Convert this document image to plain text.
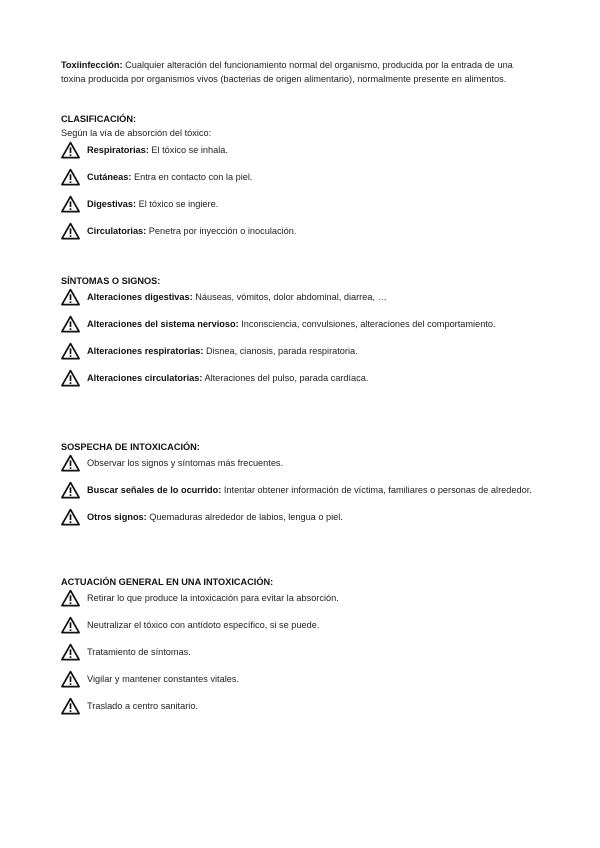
Toxiinfección: Cualquier alteración del funcionamiento normal del organismo, producida por la entrada de una toxina producida por organismos vivos (bacterias de origen alimentario), normalmente presente en alimentos.
CLASIFICACIÓN:
Según la vía de absorción del tóxico:
Respiratorias: El tóxico se inhala.
Cutáneas: Entra en contacto con la piel.
Digestivas: El tóxico se ingiere.
Circulatorias: Penetra por inyección o inoculación.
SÍNTOMAS O SIGNOS:
Alteraciones digestivas: Náuseas, vómitos, dolor abdominal, diarrea, …
Alteraciones del sistema nervioso: Inconsciencia, convulsiones, alteraciones del comportamiento.
Alteraciones respiratorias: Disnea, cianosis, parada respiratoria.
Alteraciones circulatorias: Alteraciones del pulso, parada cardíaca.
SOSPECHA DE INTOXICACIÓN:
Observar los signos y síntomas más frecuentes.
Buscar señales de lo ocurrido: Intentar obtener información de víctima, familiares o personas de alrededor.
Otros signos: Quemaduras alrededor de labios, lengua o piel.
ACTUACIÓN GENERAL EN UNA INTOXICACIÓN:
Retirar lo que produce la intoxicación para evitar la absorción.
Neutralizar el tóxico con antídoto específico, si se puede.
Tratamiento de síntomas.
Vigilar y mantener constantes vitales.
Traslado a centro sanitario.
